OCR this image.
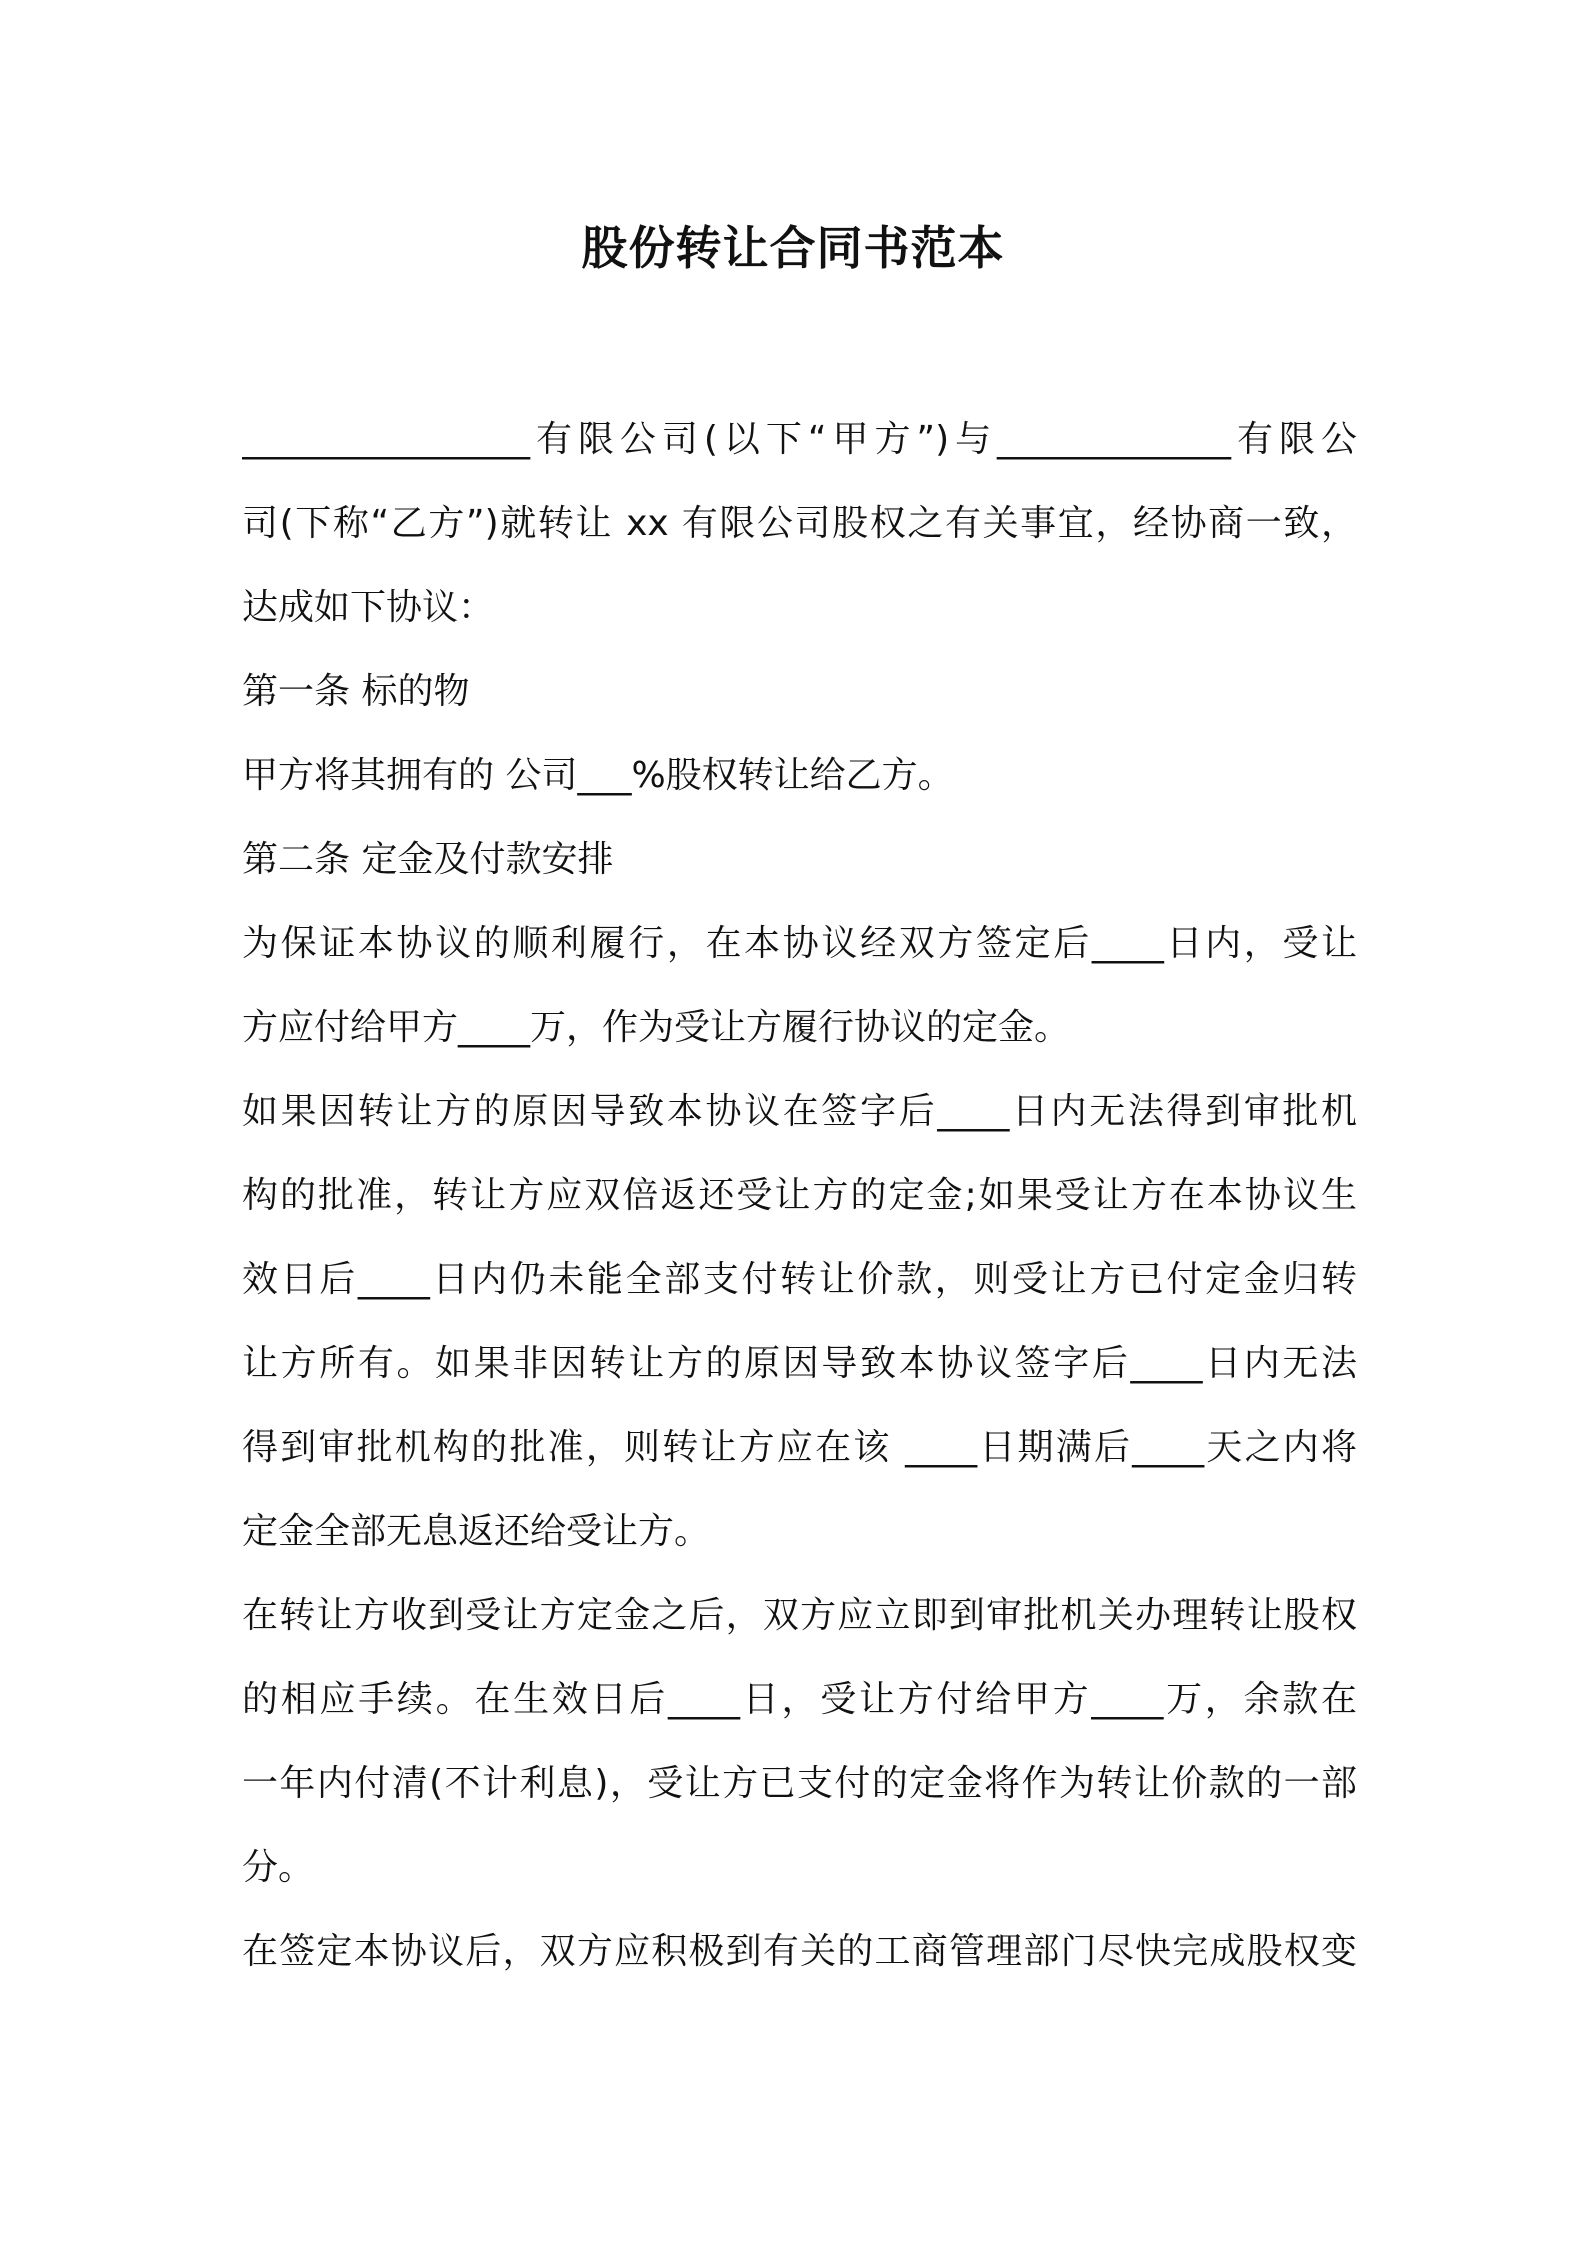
股份转让合同书范本
________________有限公司(以下“甲方”)与_____________有限公
司(下称“乙方”)就转让 xx 有限公司股权之有关事宜，经协商一致，
达成如下协议：
第一条 标的物
甲方将其拥有的 公司___%股权转让给乙方。
第二条 定金及付款安排
为保证本协议的顺利履行，在本协议经双方签定后____日内，受让
方应付给甲方____万，作为受让方履行协议的定金。
如果因转让方的原因导致本协议在签字后____日内无法得到审批机
构的批准，转让方应双倍返还受让方的定金;如果受让方在本协议生
效日后____日内仍未能全部支付转让价款，则受让方已付定金归转
让方所有。如果非因转让方的原因导致本协议签字后____日内无法
得到审批机构的批准，则转让方应在该 ____日期满后____天之内将
定金全部无息返还给受让方。
在转让方收到受让方定金之后，双方应立即到审批机关办理转让股权
的相应手续。在生效日后____日，受让方付给甲方____万，余款在
一年内付清(不计利息)，受让方已支付的定金将作为转让价款的一部
分。
在签定本协议后，双方应积极到有关的工商管理部门尽快完成股权变
